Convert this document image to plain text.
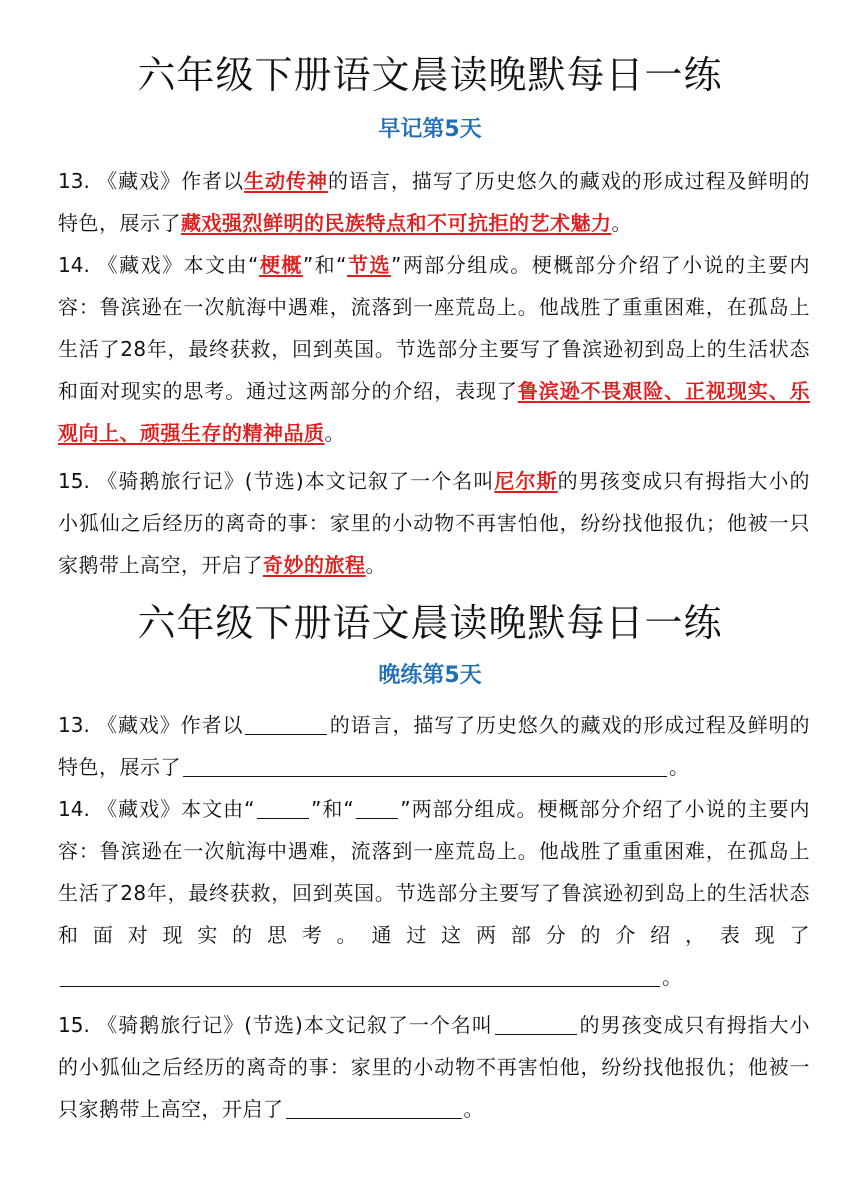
六年级下册语文晨读晚默每日一练
早记第5天
13. 《藏戏》作者以生动传神的语言，描写了历史悠久的藏戏的形成过程及鲜明的特色，展示了藏戏强烈鲜明的民族特点和不可抗拒的艺术魅力。
14. 《藏戏》本文由“梗概”和“节选”两部分组成。梗概部分介绍了小说的主要内容：鲁滨逊在一次航海中遇难，流落到一座荒岛上。他战胜了重重困难，在孤岛上生活了28年，最终获救，回到英国。节选部分主要写了鲁滨逊初到岛上的生活状态和面对现实的思考。通过这两部分的介绍，表现了鲁滨逊不畏艰险、正视现实、乐观向上、顽强生存的精神品质。
15. 《骑鹅旅行记》(节选)本文记叙了一个名叫尼尔斯的男孩变成只有拇指大小的小狐仙之后经历的离奇的事：家里的小动物不再害怕他，纷纷找他报仇；他被一只家鹅带上高空，开启了奇妙的旅程。
六年级下册语文晨读晚默每日一练
晚练第5天
13. 《藏戏》作者以	的语言，描写了历史悠久的藏戏的形成过程及鲜明的特色，展示了	。
14. 《藏戏》本文由“	”和“ ”两部分组成。梗概部分介绍了小说的主要内容：鲁滨逊在一次航海中遇难，流落到一座荒岛上。他战胜了重重困难，在孤岛上生活了28年，最终获救，回到英国。节选部分主要写了鲁滨逊初到岛上的生活状态和面对现实的思考。通过这两部分的介绍，表现了。
15. 《骑鹅旅行记》(节选)本文记叙了一个名叫	的男孩变成只有拇指大小的小狐仙之后经历的离奇的事：家里的小动物不再害怕他，纷纷找他报仇；他被一只家鹅带上高空，开启了	。
